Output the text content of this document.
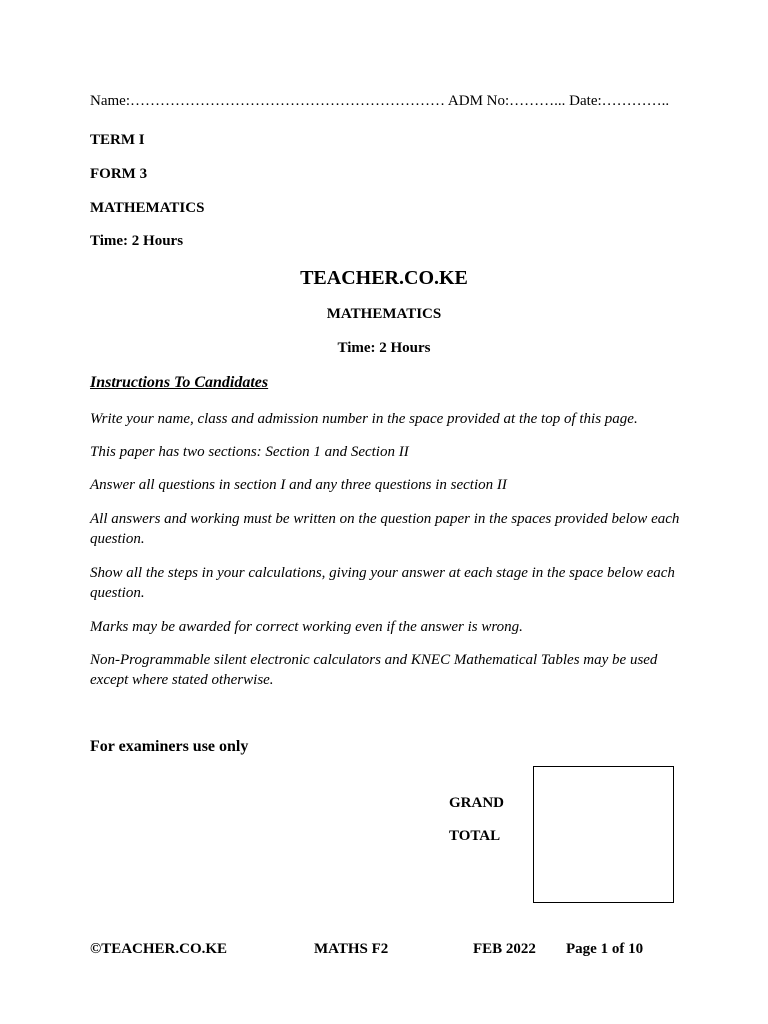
Name:……………………………………………………… ADM No:………... Date:…………..
TERM I
FORM 3
MATHEMATICS
Time: 2 Hours
TEACHER.CO.KE
MATHEMATICS
Time: 2 Hours
Instructions To Candidates
Write your name, class and admission number in the space provided at the top of this page.
This paper has two sections: Section 1 and Section II
Answer all questions in section I and any three questions in section II
All answers and working must be written on the question paper in the spaces provided below each question.
Show all the steps in your calculations, giving your answer at each stage in the space below each question.
Marks may be awarded for correct working even if the answer is wrong.
Non-Programmable silent electronic calculators and KNEC Mathematical Tables may be used except where stated otherwise.
For examiners use only
GRAND
TOTAL
©TEACHER.CO.KE	MATHS F2	FEB 2022 Page 1 of 10
